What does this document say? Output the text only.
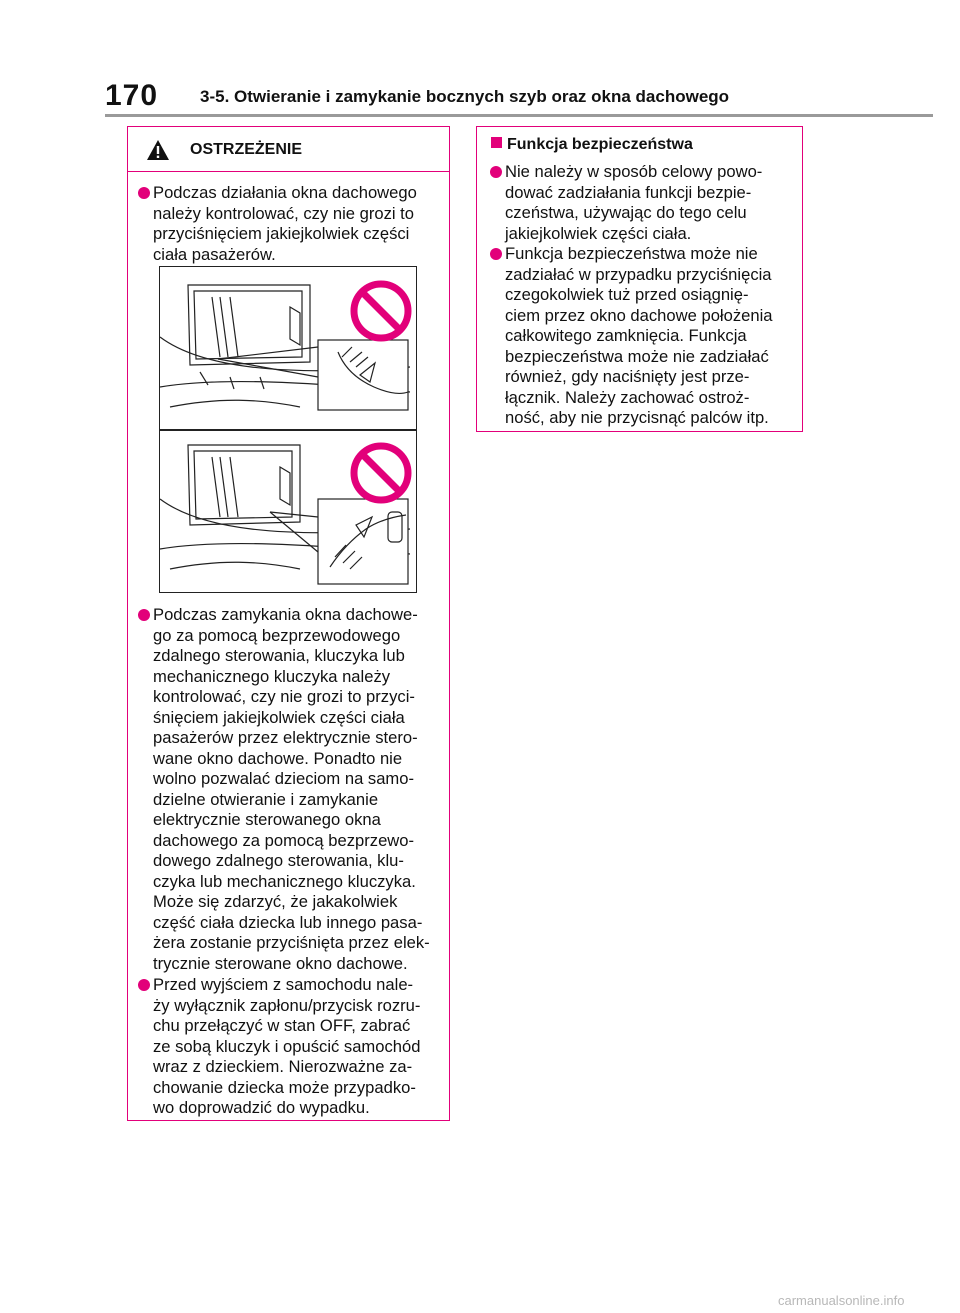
170 3-5. Otwieranie i zamykanie bocznych szyb oraz okna dachowego
OSTRZEŻENIE
Podczas działania okna dachowego
należy kontrolować, czy nie grozi to
przyciśnięciem jakiejkolwiek części
ciała pasażerów.
Podczas zamykania okna dachowe-
go za pomocą bezprzewodowego
zdalnego sterowania, kluczyka lub
mechanicznego kluczyka należy
kontrolować, czy nie grozi to przyci-
śnięciem jakiejkolwiek części ciała
pasażerów przez elektrycznie stero-
wane okno dachowe. Ponadto nie
wolno pozwalać dzieciom na samo-
dzielne otwieranie i zamykanie
elektrycznie sterowanego okna
dachowego za pomocą bezprzewo-
dowego zdalnego sterowania, klu-
czyka lub mechanicznego kluczyka.
Może się zdarzyć, że jakakolwiek
część ciała dziecka lub innego pasa-
żera zostanie przyciśnięta przez elek-
trycznie sterowane okno dachowe.
Przed wyjściem z samochodu nale-
ży wyłącznik zapłonu/przycisk rozru-
chu przełączyć w stan OFF, zabrać
ze sobą kluczyk i opuścić samochód
wraz z dzieckiem. Nierozważne za-
chowanie dziecka może przypadko-
wo doprowadzić do wypadku.
Funkcja bezpieczeństwa
Nie należy w sposób celowy powo-
dować zadziałania funkcji bezpie-
czeństwa, używając do tego celu
jakiejkolwiek części ciała.
Funkcja bezpieczeństwa może nie
zadziałać w przypadku przyciśnięcia
czegokolwiek tuż przed osiągnię-
ciem przez okno dachowe położenia
całkowitego zamknięcia. Funkcja
bezpieczeństwa może nie zadziałać
również, gdy naciśnięty jest prze-
łącznik. Należy zachować ostroż-
ność, aby nie przycisnąć palców itp.
carmanualsonline.info
